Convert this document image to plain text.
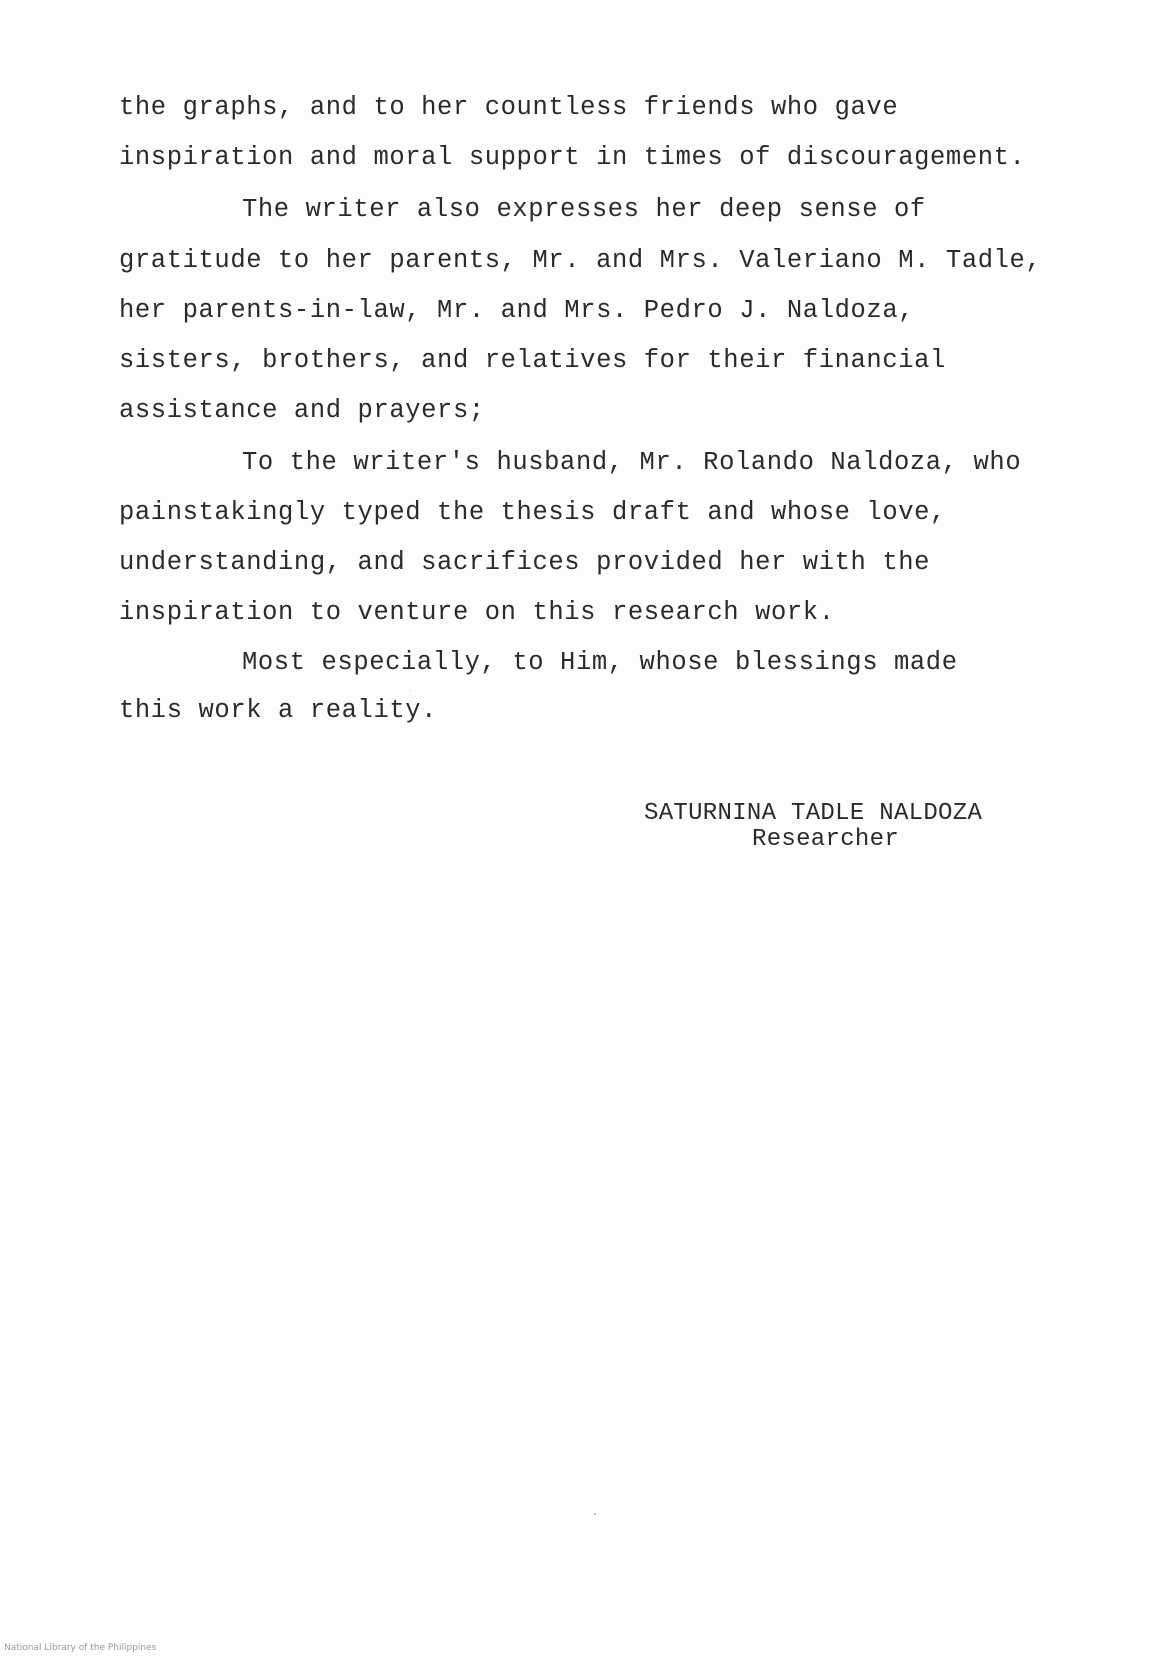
the graphs, and to her countless friends who gave
inspiration and moral support in times of discouragement.
The writer also expresses her deep sense of
gratitude to her parents, Mr. and Mrs. Valeriano M. Tadle,
her parents-in-law, Mr. and Mrs. Pedro J. Naldoza,
sisters, brothers, and relatives for their financial
assistance and prayers;
To the writer's husband, Mr. Rolando Naldoza, who
painstakingly typed the thesis draft and whose love,
understanding, and sacrifices provided her with the
inspiration to venture on this research work.
Most especially, to Him, whose blessings made
this work a reality.
SATURNINA TADLE NALDOZA
Researcher
National Library of the Philippines
